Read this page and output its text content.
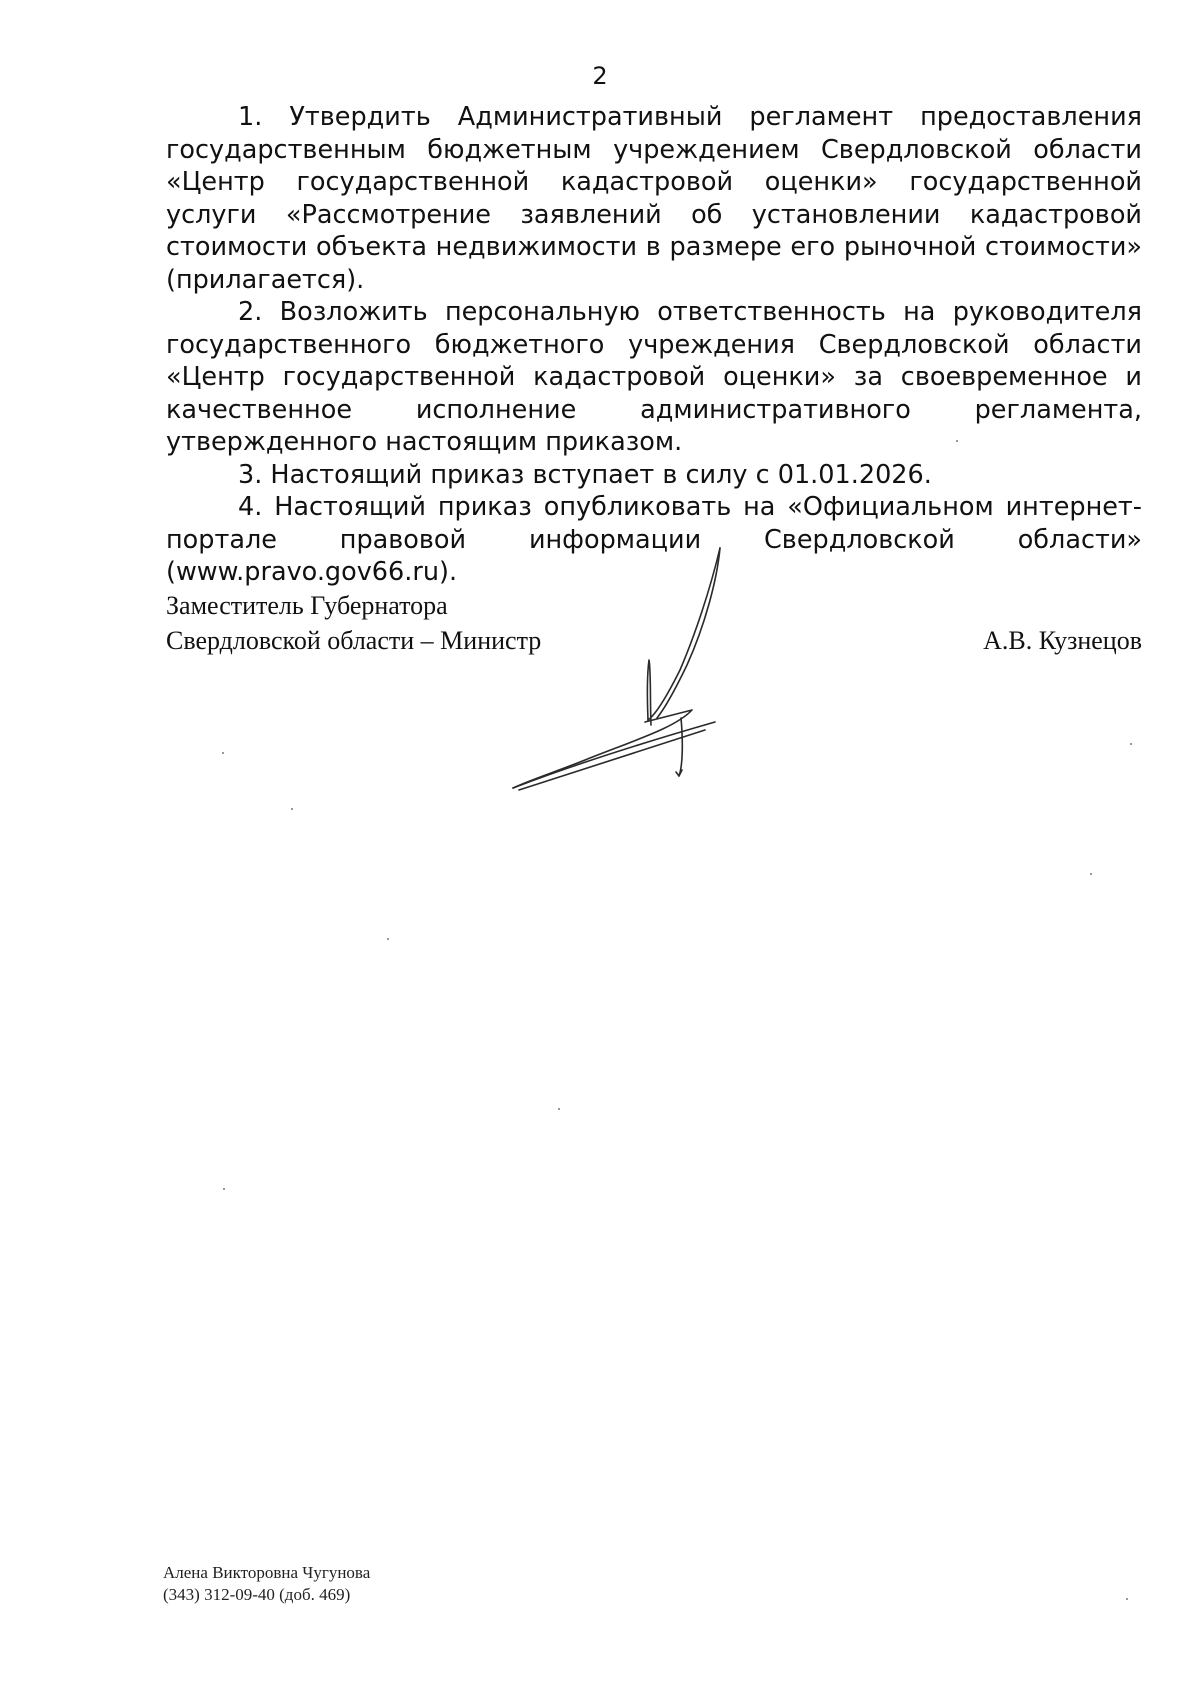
2

1. Утвердить Административный регламент предоставления государственным бюджетным учреждением Свердловской области «Центр государственной кадастровой оценки» государственной услуги «Рассмотрение заявлений об установлении кадастровой стоимости объекта недвижимости в размере его рыночной стоимости» (прилагается).

2. Возложить персональную ответственность на руководителя государственного бюджетного учреждения Свердловской области «Центр государственной кадастровой оценки» за своевременное и качественное исполнение административного регламента, утвержденного настоящим приказом.

3. Настоящий приказ вступает в силу с 01.01.2026.

4. Настоящий приказ опубликовать на «Официальном интернет-портале правовой информации Свердловской области» (www.pravo.gov66.ru).

Заместитель Губернатора
Свердловской области – Министр	А.В. Кузнецов
Алена Викторовна Чугунова
(343) 312-09-40 (доб. 469)
